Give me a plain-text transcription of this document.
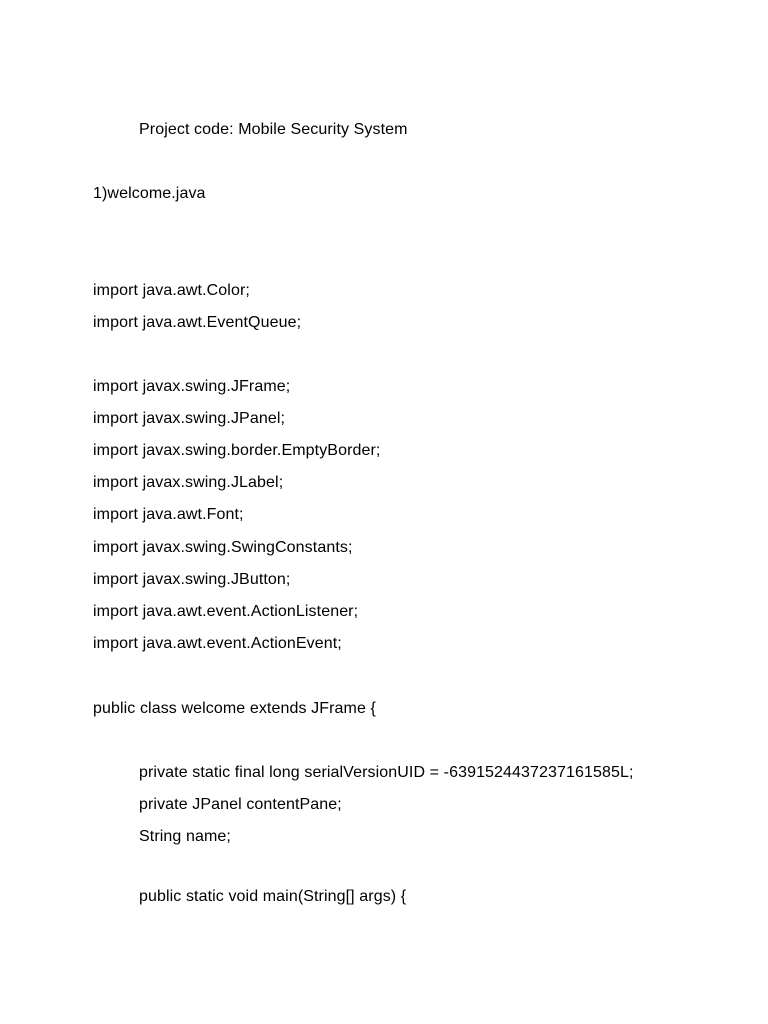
Project code: Mobile Security System
1)welcome.java
import java.awt.Color;
import java.awt.EventQueue;
import javax.swing.JFrame;
import javax.swing.JPanel;
import javax.swing.border.EmptyBorder;
import javax.swing.JLabel;
import java.awt.Font;
import javax.swing.SwingConstants;
import javax.swing.JButton;
import java.awt.event.ActionListener;
import java.awt.event.ActionEvent;
public class welcome extends JFrame {
private static final long serialVersionUID = -6391524437237161585L;
private JPanel contentPane;
String name;
public static void main(String[] args) {
